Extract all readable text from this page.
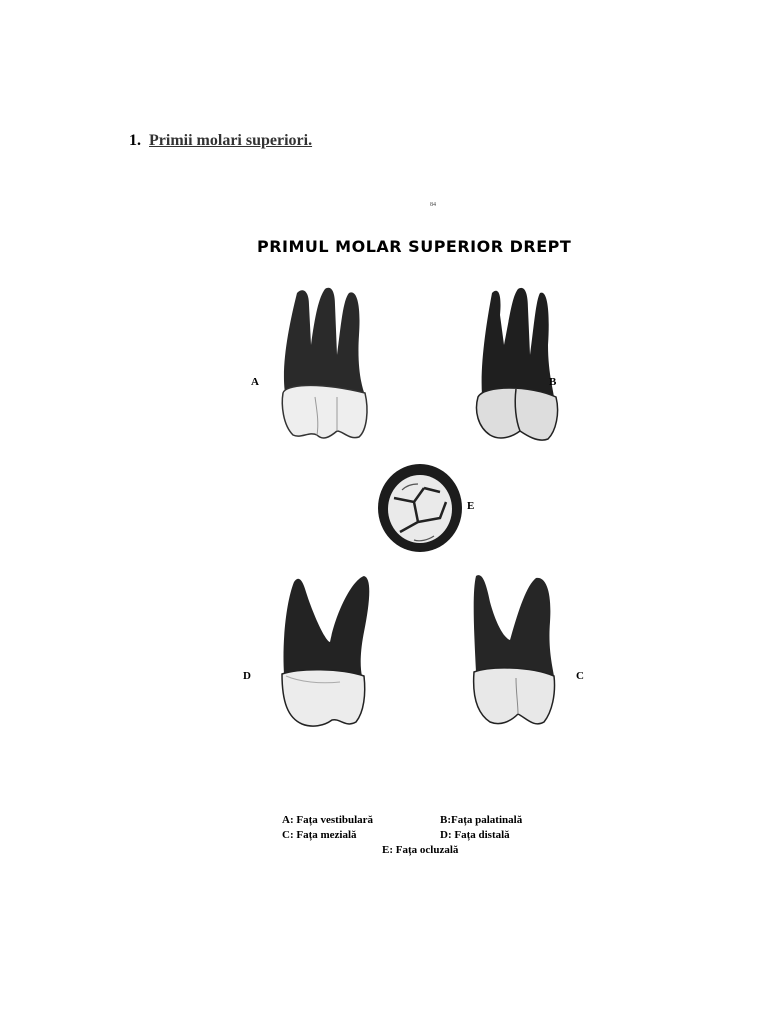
1. Primii molari superiori.
84
PRIMUL MOLAR SUPERIOR DREPT
A	B
E
D	C
A: Fața vestibulară	B:Fața palatinală
C: Fața mezială	D: Fața distală
E: Fața ocluzală
